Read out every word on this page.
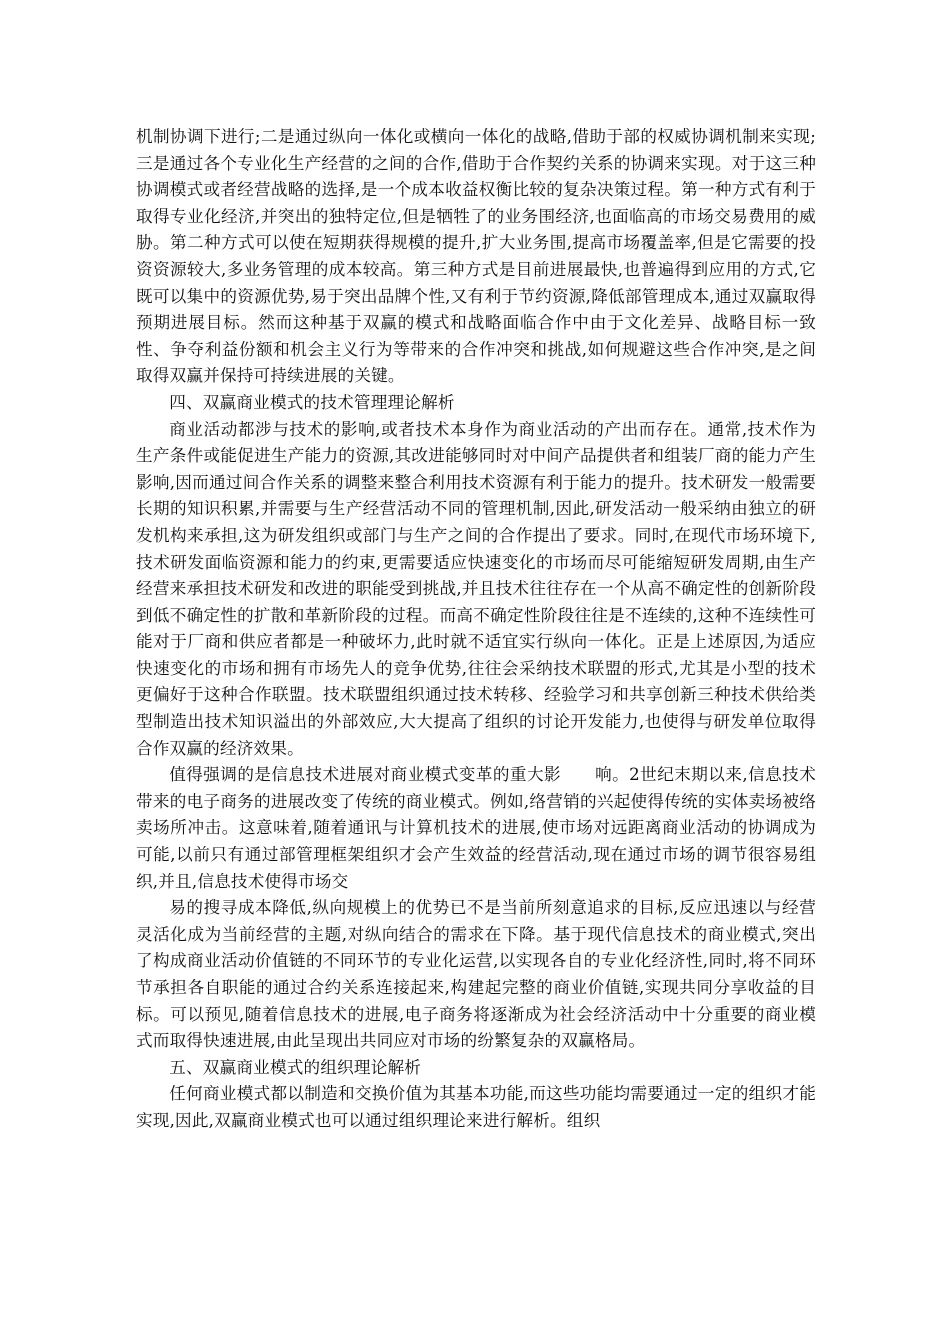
机制协调下进行;二是通过纵向一体化或横向一体化的战略,借助于部的权威协调机制来实现;三是通过各个专业化生产经营的之间的合作,借助于合作契约关系的协调来实现。对于这三种协调模式或者经营战略的选择,是一个成本收益权衡比较的复杂决策过程。第一种方式有利于取得专业化经济,并突出的独特定位,但是牺牲了的业务围经济,也面临高的市场交易费用的威胁。第二种方式可以使在短期获得规模的提升,扩大业务围,提高市场覆盖率,但是它需要的投资资源较大,多业务管理的成本较高。第三种方式是目前进展最快,也普遍得到应用的方式,它既可以集中的资源优势,易于突出品牌个性,又有利于节约资源,降低部管理成本,通过双赢取得预期进展目标。然而这种基于双赢的模式和战略面临合作中由于文化差异、战略目标一致性、争夺利益份额和机会主义行为等带来的合作冲突和挑战,如何规避这些合作冲突,是之间取得双赢并保持可持续进展的关键。

四、双赢商业模式的技术管理理论解析

商业活动都涉与技术的影响,或者技术本身作为商业活动的产出而存在。通常,技术作为生产条件或能促进生产能力的资源,其改进能够同时对中间产品提供者和组装厂商的能力产生影响,因而通过间合作关系的调整来整合利用技术资源有利于能力的提升。技术研发一般需要长期的知识积累,并需要与生产经营活动不同的管理机制,因此,研发活动一般采纳由独立的研发机构来承担,这为研发组织或部门与生产之间的合作提出了要求。同时,在现代市场环境下,技术研发面临资源和能力的约束,更需要适应快速变化的市场而尽可能缩短研发周期,由生产经营来承担技术研发和改进的职能受到挑战,并且技术往往存在一个从高不确定性的创新阶段到低不确定性的扩散和革新阶段的过程。而高不确定性阶段往往是不连续的,这种不连续性可能对于厂商和供应者都是一种破坏力,此时就不适宜实行纵向一体化。正是上述原因,为适应快速变化的市场和拥有市场先人的竞争优势,往往会采纳技术联盟的形式,尤其是小型的技术更偏好于这种合作联盟。技术联盟组织通过技术转移、经验学习和共享创新三种技术供给类型制造出技术知识溢出的外部效应,大大提高了组织的讨论开发能力,也使得与研发单位取得合作双赢的经济效果。

值得强调的是信息技术进展对商业模式变革的重大影　　响。2世纪末期以来,信息技术带来的电子商务的进展改变了传统的商业模式。例如,络营销的兴起使得传统的实体卖场被络卖场所冲击。这意味着,随着通讯与计算机技术的进展,使市场对远距离商业活动的协调成为可能,以前只有通过部管理框架组织才会产生效益的经营活动,现在通过市场的调节很容易组织,并且,信息技术使得市场交

易的搜寻成本降低,纵向规模上的优势已不是当前所刻意追求的目标,反应迅速以与经营灵活化成为当前经营的主题,对纵向结合的需求在下降。基于现代信息技术的商业模式,突出了构成商业活动价值链的不同环节的专业化运营,以实现各自的专业化经济性,同时,将不同环节承担各自职能的通过合约关系连接起来,构建起完整的商业价值链,实现共同分享收益的目标。可以预见,随着信息技术的进展,电子商务将逐渐成为社会经济活动中十分重要的商业模式而取得快速进展,由此呈现出共同应对市场的纷繁复杂的双赢格局。

五、双赢商业模式的组织理论解析

任何商业模式都以制造和交换价值为其基本功能,而这些功能均需要通过一定的组织才能实现,因此,双赢商业模式也可以通过组织理论来进行解析。组织
